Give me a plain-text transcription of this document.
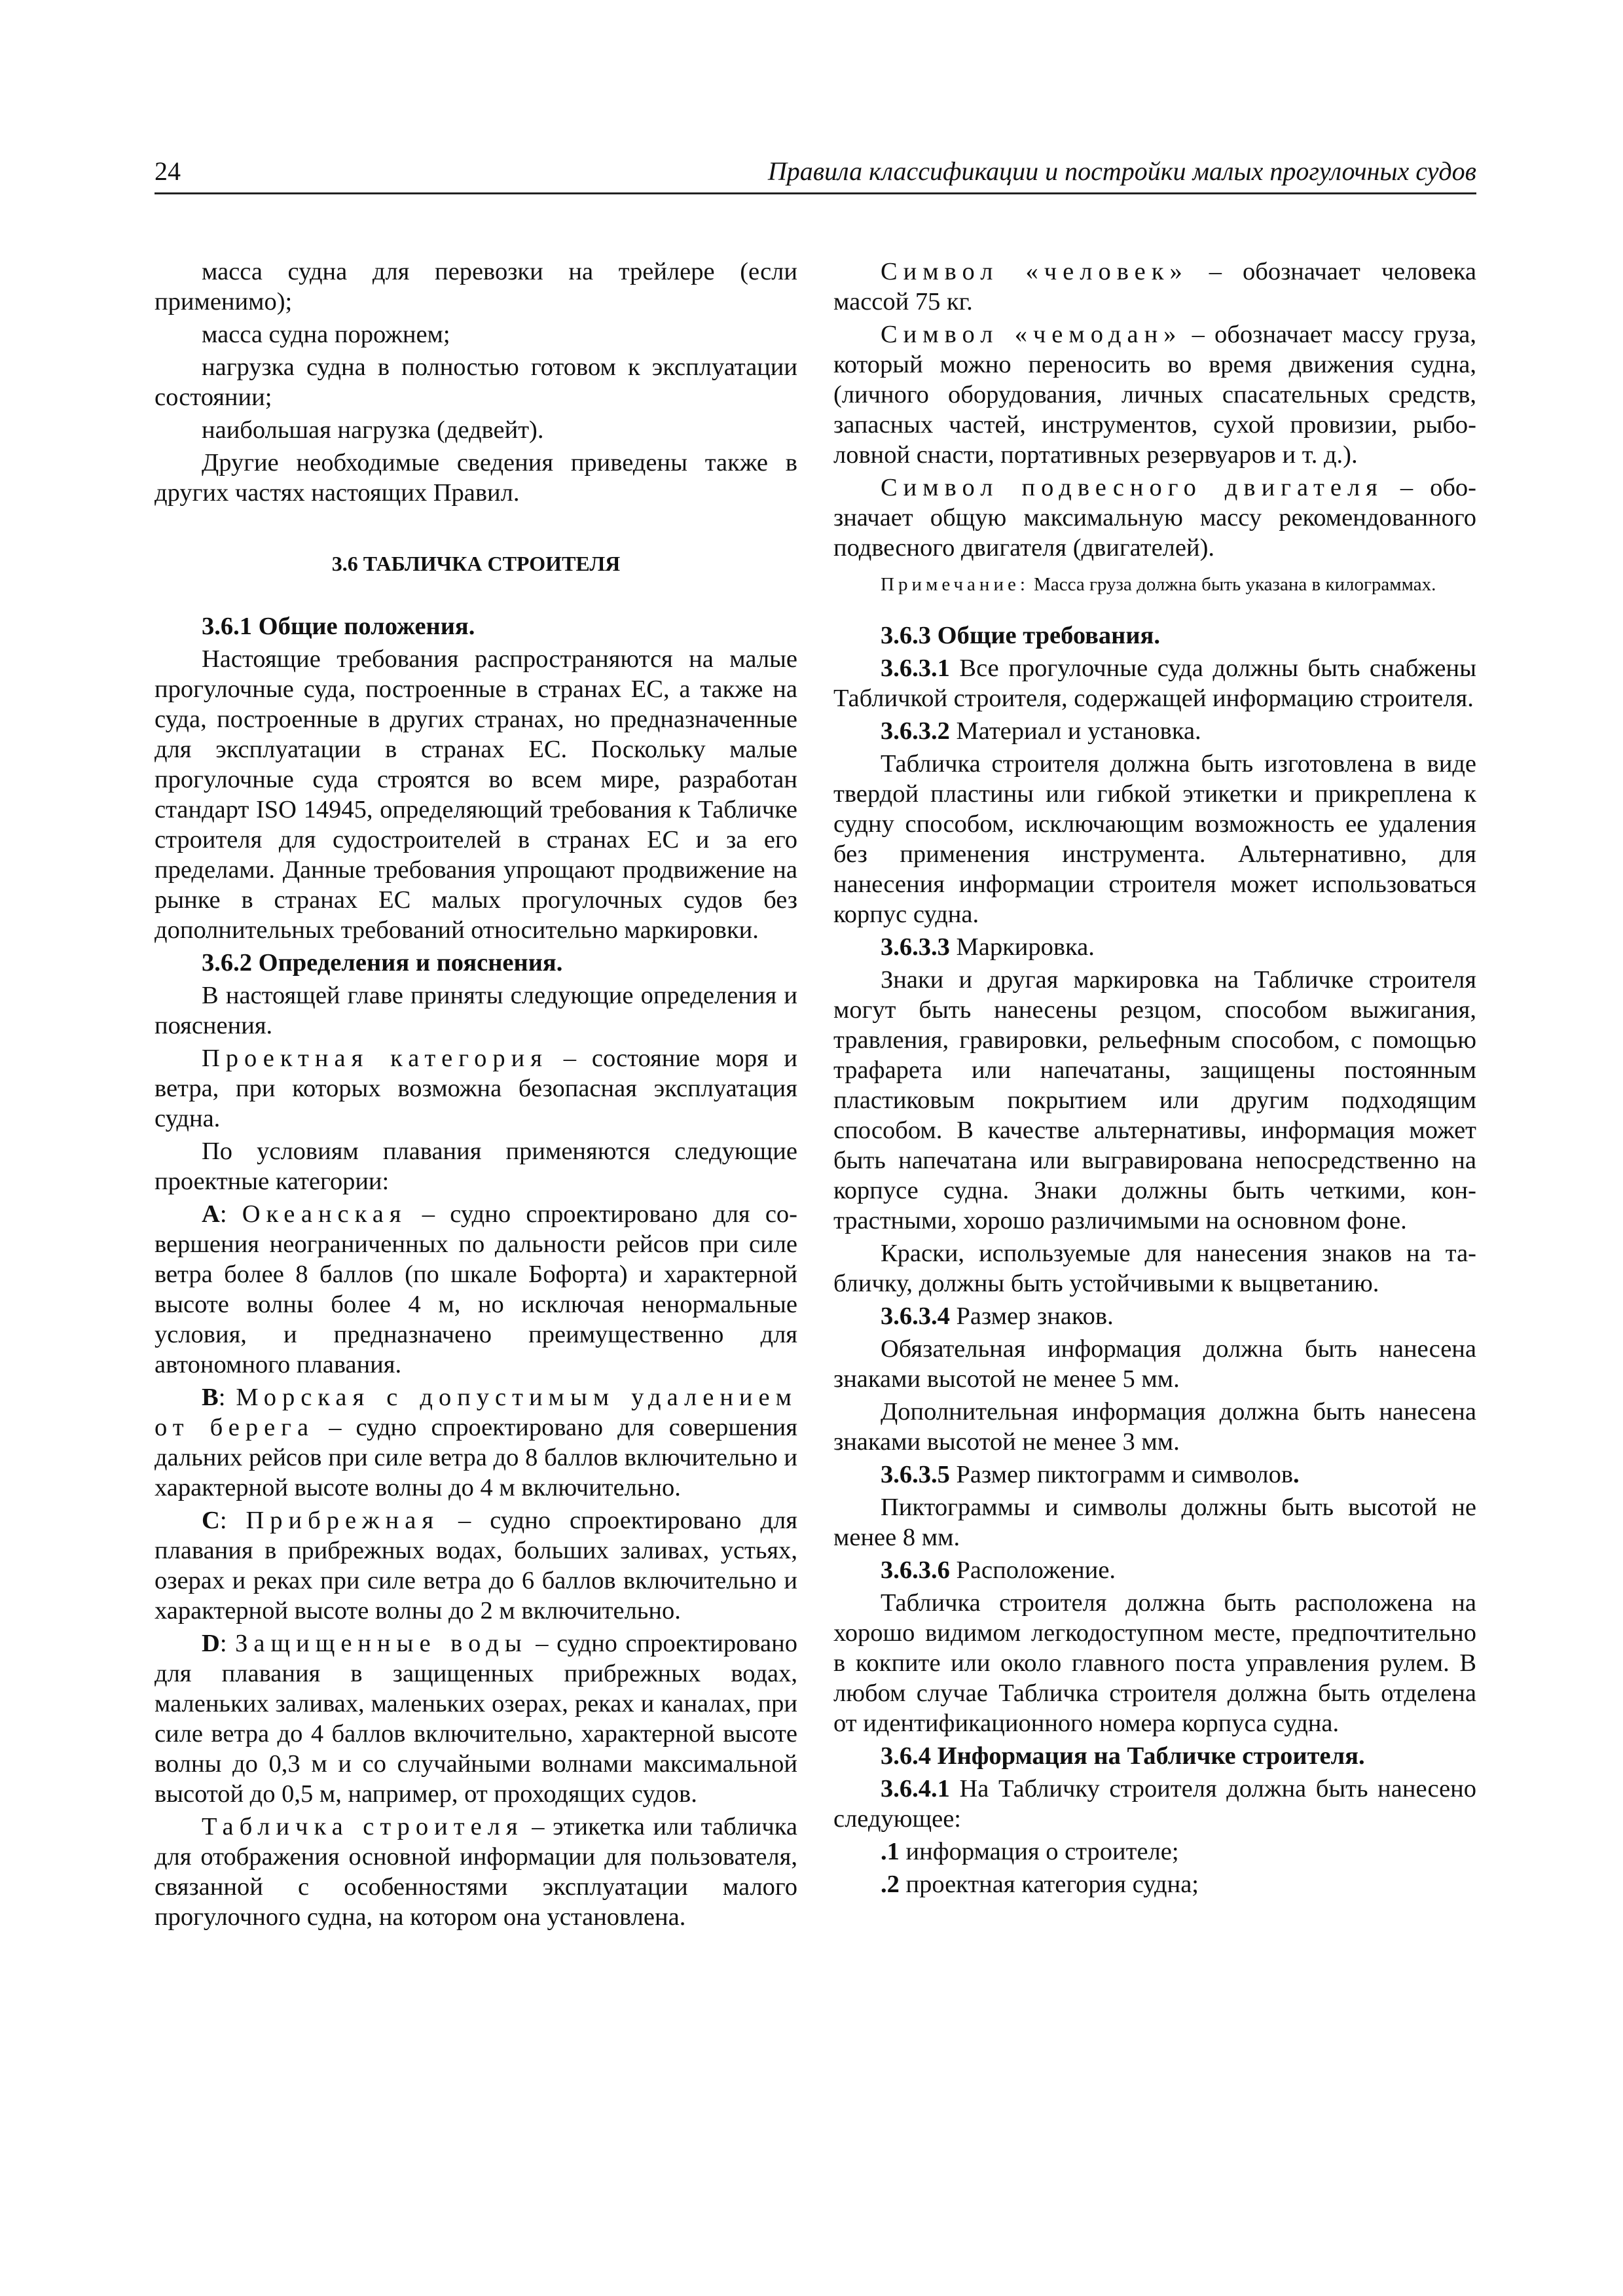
24	Правила классификации и постройки малых прогулочных судов

масса судна для перевозки на трейлере (если применимо);

масса судна порожнем;

нагрузка судна в полностью готовом к эксплуатации состоянии;

наибольшая нагрузка (дедвейт).

Другие необходимые сведения приведены также в других частях настоящих Правил.

3.6 ТАБЛИЧКА СТРОИТЕЛЯ

3.6.1 Общие положения.

Настоящие требования распространяются на малые прогулочные суда, построенные в странах ЕС, а также на суда, построенные в других странах, но предназначенные для эксплуатации в странах ЕС. Поскольку малые прогулочные суда строятся во всем мире, разработан стандарт ISO 14945, определяющий требования к Табличке строителя для судостроителей в странах ЕС и за его пределами. Данные требования упрощают продвижение на рынке в странах ЕС малых прогулочных судов без дополнительных требований относительно маркировки.

3.6.2 Определения и пояснения.

В настоящей главе приняты следующие определения и пояснения.

Проектная категория – состояние моря и ветра, при которых возможна безопасная эксплуатация судна.

По условиям плавания применяются следующие проектные категории:

A: Океанская – судно спроектировано для совершения неограниченных по дальности рейсов при силе ветра более 8 баллов (по шкале Бофорта) и характерной высоте волны более 4 м, но исключая ненормальные условия, и предназначено преимущественно для автономного плавания.

B: Морская с допустимым удалением от берега – судно спроектировано для совершения дальних рейсов при силе ветра до 8 баллов включительно и характерной высоте волны до 4 м включительно.

C: Прибрежная – судно спроектировано для плавания в прибрежных водах, больших заливах, устьях, озерах и реках при силе ветра до 6 баллов включительно и характерной высоте волны до 2 м включительно.

D: Защищенные воды – судно спроектировано для плавания в защищенных прибрежных водах, маленьких заливах, маленьких озерах, реках и каналах, при силе ветра до 4 баллов включительно, характерной высоте волны до 0,3 м и со случайными волнами максимальной высотой до 0,5 м, например, от проходящих судов.

Табличка строителя – этикетка или табличка для отображения основной информации для пользователя, связанной с особенностями эксплуатации малого прогулочного судна, на котором она установлена.

Символ «человек» – обозначает человека массой 75 кг.

Символ «чемодан» – обозначает массу груза, который можно переносить во время движения судна, (личного оборудования, личных спасательных средств, запасных частей, инструментов, сухой провизии, рыболовной снасти, портативных резервуаров и т. д.).

Символ подвесного двигателя – обозначает общую максимальную массу рекомендованного подвесного двигателя (двигателей).

Примечание: Масса груза должна быть указана в килограммах.

3.6.3 Общие требования.

3.6.3.1 Все прогулочные суда должны быть снабжены Табличкой строителя, содержащей информацию строителя.

3.6.3.2 Материал и установка.

Табличка строителя должна быть изготовлена в виде твердой пластины или гибкой этикетки и прикреплена к судну способом, исключающим возможность ее удаления без применения инструмента. Альтернативно, для нанесения информации строителя может использоваться корпус судна.

3.6.3.3 Маркировка.

Знаки и другая маркировка на Табличке строителя могут быть нанесены резцом, способом выжигания, травления, гравировки, рельефным способом, с помощью трафарета или напечатаны, защищены постоянным пластиковым покрытием или другим подходящим способом. В качестве альтернативы, информация может быть напечатана или выгравирована непосредственно на корпусе судна. Знаки должны быть четкими, контрастными, хорошо различимыми на основном фоне.

Краски, используемые для нанесения знаков на табличку, должны быть устойчивыми к выцветанию.

3.6.3.4 Размер знаков.

Обязательная информация должна быть нанесена знаками высотой не менее 5 мм.

Дополнительная информация должна быть нанесена знаками высотой не менее 3 мм.

3.6.3.5 Размер пиктограмм и символов.

Пиктограммы и символы должны быть высотой не менее 8 мм.

3.6.3.6 Расположение.

Табличка строителя должна быть расположена на хорошо видимом легкодоступном месте, предпочтительно в кокпите или около главного поста управления рулем. В любом случае Табличка строителя должна быть отделена от идентификационного номера корпуса судна.

3.6.4 Информация на Табличке строителя.

3.6.4.1 На Табличку строителя должна быть нанесено следующее:

.1 информация о строителе;

.2 проектная категория судна;
